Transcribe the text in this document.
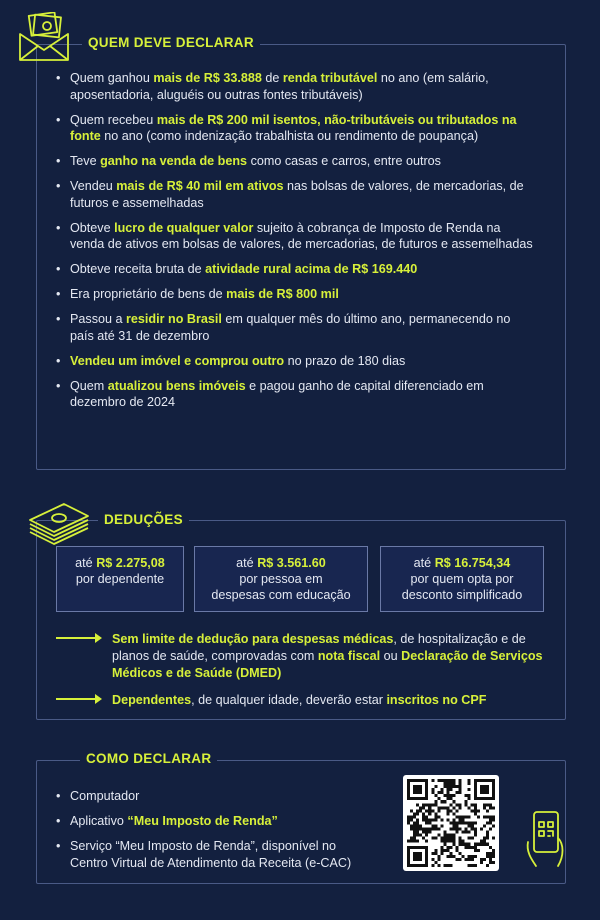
QUEM DEVE DECLARAR
• Quem ganhou mais de R$ 33.888 de renda tributável no ano (em salário, aposentadoria, aluguéis ou outras fontes tributáveis)
• Quem recebeu mais de R$ 200 mil isentos, não-tributáveis ou tributados na fonte no ano (como indenização trabalhista ou rendimento de poupança)
• Teve ganho na venda de bens como casas e carros, entre outros
• Vendeu mais de R$ 40 mil em ativos nas bolsas de valores, de mercadorias, de futuros e assemelhadas
• Obteve lucro de qualquer valor sujeito à cobrança de Imposto de Renda na venda de ativos em bolsas de valores, de mercadorias, de futuros e assemelhadas
• Obteve receita bruta de atividade rural acima de R$ 169.440
• Era proprietário de bens de mais de R$ 800 mil
• Passou a residir no Brasil em qualquer mês do último ano, permanecendo no país até 31 de dezembro
• Vendeu um imóvel e comprou outro no prazo de 180 dias
• Quem atualizou bens imóveis e pagou ganho de capital diferenciado em dezembro de 2024
DEDUÇÕES
até R$ 2.275,08
por dependente
até R$ 3.561.60
por pessoa em
despesas com educação
até R$ 16.754,34
por quem opta por
desconto simplificado
Sem limite de dedução para despesas médicas, de hospitalização e de planos de saúde, comprovadas com nota fiscal ou Declaração de Serviços Médicos e de Saúde (DMED)
Dependentes, de qualquer idade, deverão estar inscritos no CPF
COMO DECLARAR
• Computador
• Aplicativo “Meu Imposto de Renda”
• Serviço “Meu Imposto de Renda”, disponível no Centro Virtual de Atendimento da Receita (e-CAC)
